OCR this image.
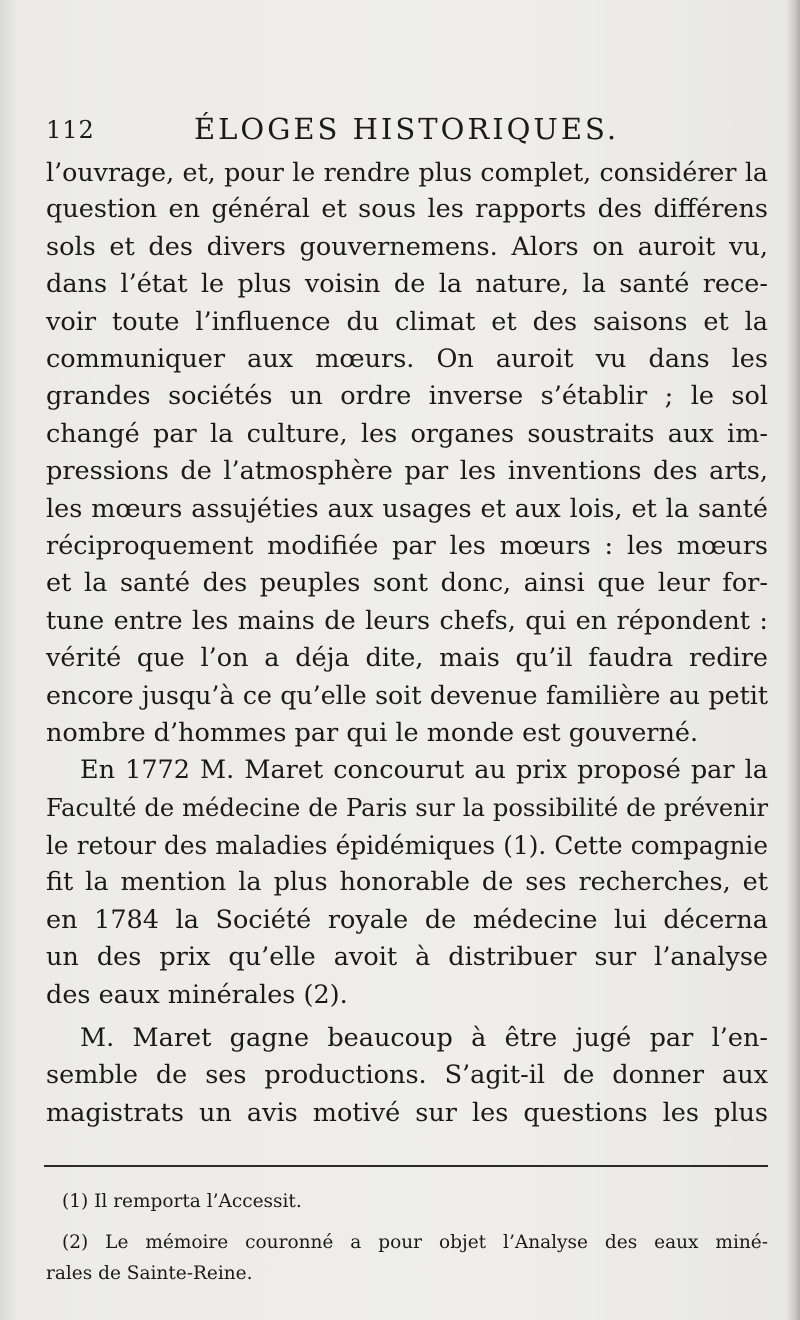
112	ÉLOGES HISTORIQUES.
l’ouvrage, et, pour le rendre plus complet, considérer la
question en général et sous les rapports des différens
sols et des divers gouvernemens. Alors on auroit vu,
dans l’état le plus voisin de la nature, la santé rece-
voir toute l’influence du climat et des saisons et la
communiquer aux mœurs. On auroit vu dans les
grandes sociétés un ordre inverse s’établir ; le sol
changé par la culture, les organes soustraits aux im-
pressions de l’atmosphère par les inventions des arts,
les mœurs assujéties aux usages et aux lois, et la santé
réciproquement modifiée par les mœurs : les mœurs
et la santé des peuples sont donc, ainsi que leur for-
tune entre les mains de leurs chefs, qui en répondent :
vérité que l’on a déja dite, mais qu’il faudra redire
encore jusqu’à ce qu’elle soit devenue familière au petit
nombre d’hommes par qui le monde est gouverné.
En 1772 M. Maret concourut au prix proposé par la
Faculté de médecine de Paris sur la possibilité de prévenir
le retour des maladies épidémiques (1). Cette compagnie
fit la mention la plus honorable de ses recherches, et
en 1784 la Société royale de médecine lui décerna
un des prix qu’elle avoit à distribuer sur l’analyse
des eaux minérales (2).
M. Maret gagne beaucoup à être jugé par l’en-
semble de ses productions. S’agit-il de donner aux
magistrats un avis motivé sur les questions les plus
(1) Il remporta l’Accessit.
(2) Le mémoire couronné a pour objet l’Analyse des eaux miné-
rales de Sainte-Reine.
